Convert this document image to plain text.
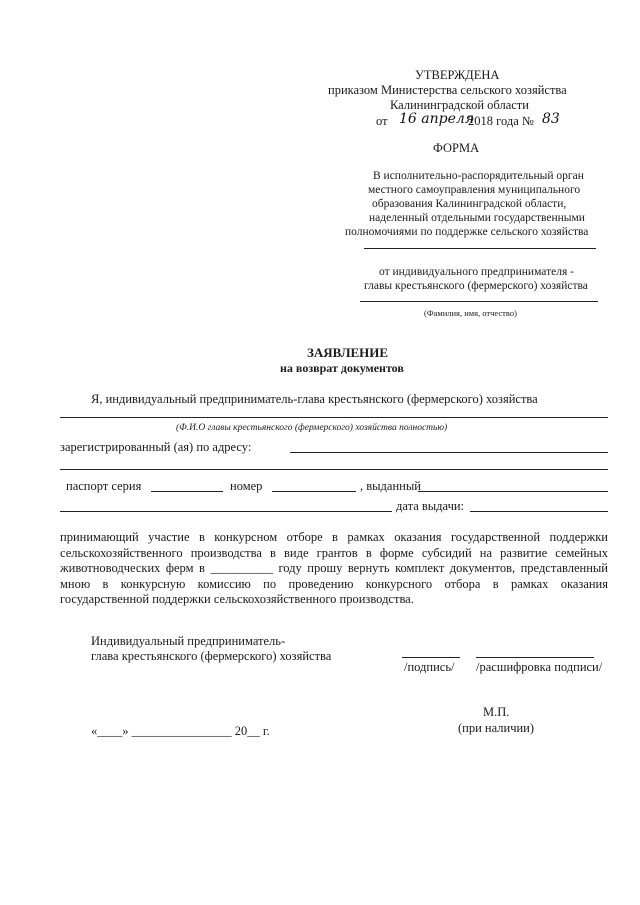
УТВЕРЖДЕНА
приказом Министерства сельского хозяйства
Калининградской области
от 16 апреля
2018 года № 83
ФОРМА
В исполнительно-распорядительный орган
местного самоуправления муниципального
образования Калининградской области,
наделенный отдельными государственными
полномочиями по поддержке сельского хозяйства
от индивидуального предпринимателя -
главы крестьянского (фермерского) хозяйства
(Фамилия, имя, отчество)
ЗАЯВЛЕНИЕ
на возврат документов
Я, индивидуальный предприниматель-глава крестьянского (фермерского) хозяйства
(Ф.И.О главы крестьянского (фермерского) хозяйства полностью)
зарегистрированный (ая) по адресу:
паспорт серия	номер	, выданный
дата выдачи:
принимающий участие в конкурсном отборе в рамках оказания государственной поддержки
сельскохозяйственного производства в виде грантов в форме субсидий на развитие семейных
животноводческих ферм в __________ году прошу вернуть комплект документов, представленный
мною в конкурсную комиссию по проведению конкурсного отбора в рамках оказания
государственной поддержки сельскохозяйственного производства.
Индивидуальный предприниматель-
глава крестьянского (фермерского) хозяйства
/подпись/ /расшифровка подписи/
М.П.
(при наличии)
«____» ________________ 20__ г.
